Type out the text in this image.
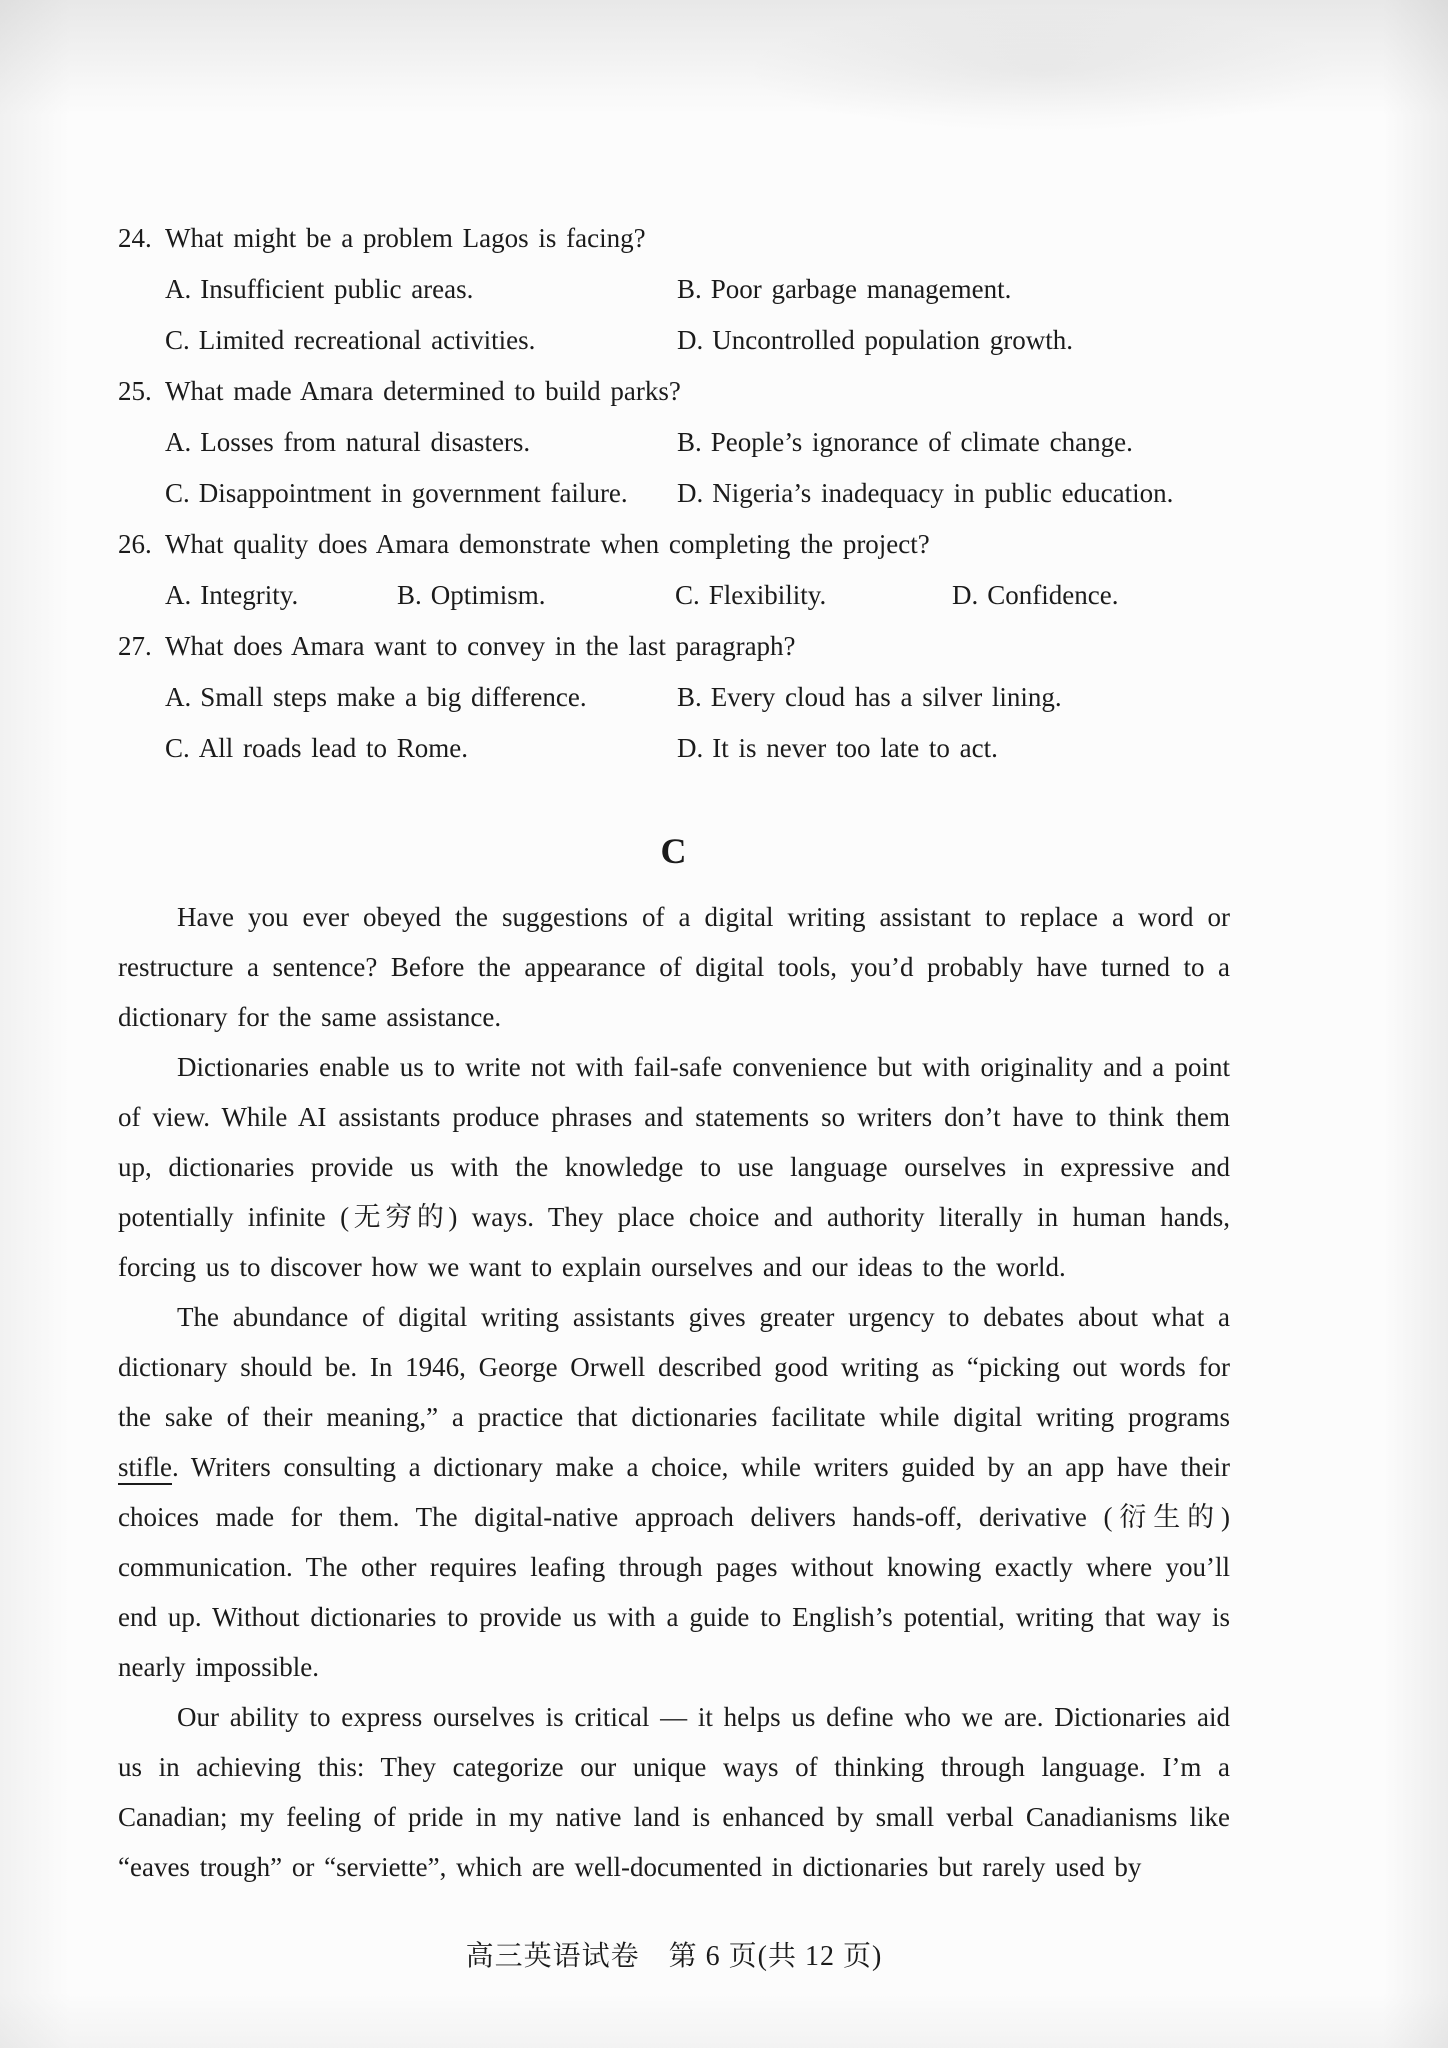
24. What might be a problem Lagos is facing?
A. Insufficient public areas.	B. Poor garbage management.
C. Limited recreational activities.	D. Uncontrolled population growth.
25. What made Amara determined to build parks?
A. Losses from natural disasters.	B. People’s ignorance of climate change.
C. Disappointment in government failure.	D. Nigeria’s inadequacy in public education.
26. What quality does Amara demonstrate when completing the project?
A. Integrity.	B. Optimism.	C. Flexibility.	D. Confidence.
27. What does Amara want to convey in the last paragraph?
A. Small steps make a big difference.	B. Every cloud has a silver lining.
C. All roads lead to Rome.	D. It is never too late to act.
C

Have you ever obeyed the suggestions of a digital writing assistant to replace a word or restructure a sentence? Before the appearance of digital tools, you’d probably have turned to a dictionary for the same assistance.

Dictionaries enable us to write not with fail-safe convenience but with originality and a point of view. While AI assistants produce phrases and statements so writers don’t have to think them up, dictionaries provide us with the knowledge to use language ourselves in expressive and potentially infinite (无穷的) ways. They place choice and authority literally in human hands, forcing us to discover how we want to explain ourselves and our ideas to the world.

The abundance of digital writing assistants gives greater urgency to debates about what a dictionary should be. In 1946, George Orwell described good writing as “picking out words for the sake of their meaning,” a practice that dictionaries facilitate while digital writing programs stifle. Writers consulting a dictionary make a choice, while writers guided by an app have their choices made for them. The digital-native approach delivers hands-off, derivative (衍生的) communication. The other requires leafing through pages without knowing exactly where you’ll end up. Without dictionaries to provide us with a guide to English’s potential, writing that way is nearly impossible.

Our ability to express ourselves is critical — it helps us define who we are. Dictionaries aid us in achieving this: They categorize our unique ways of thinking through language. I’m a Canadian; my feeling of pride in my native land is enhanced by small verbal Canadianisms like “eaves trough” or “serviette”, which are well-documented in dictionaries but rarely used by

高三英语试卷　第 6 页(共 12 页)
